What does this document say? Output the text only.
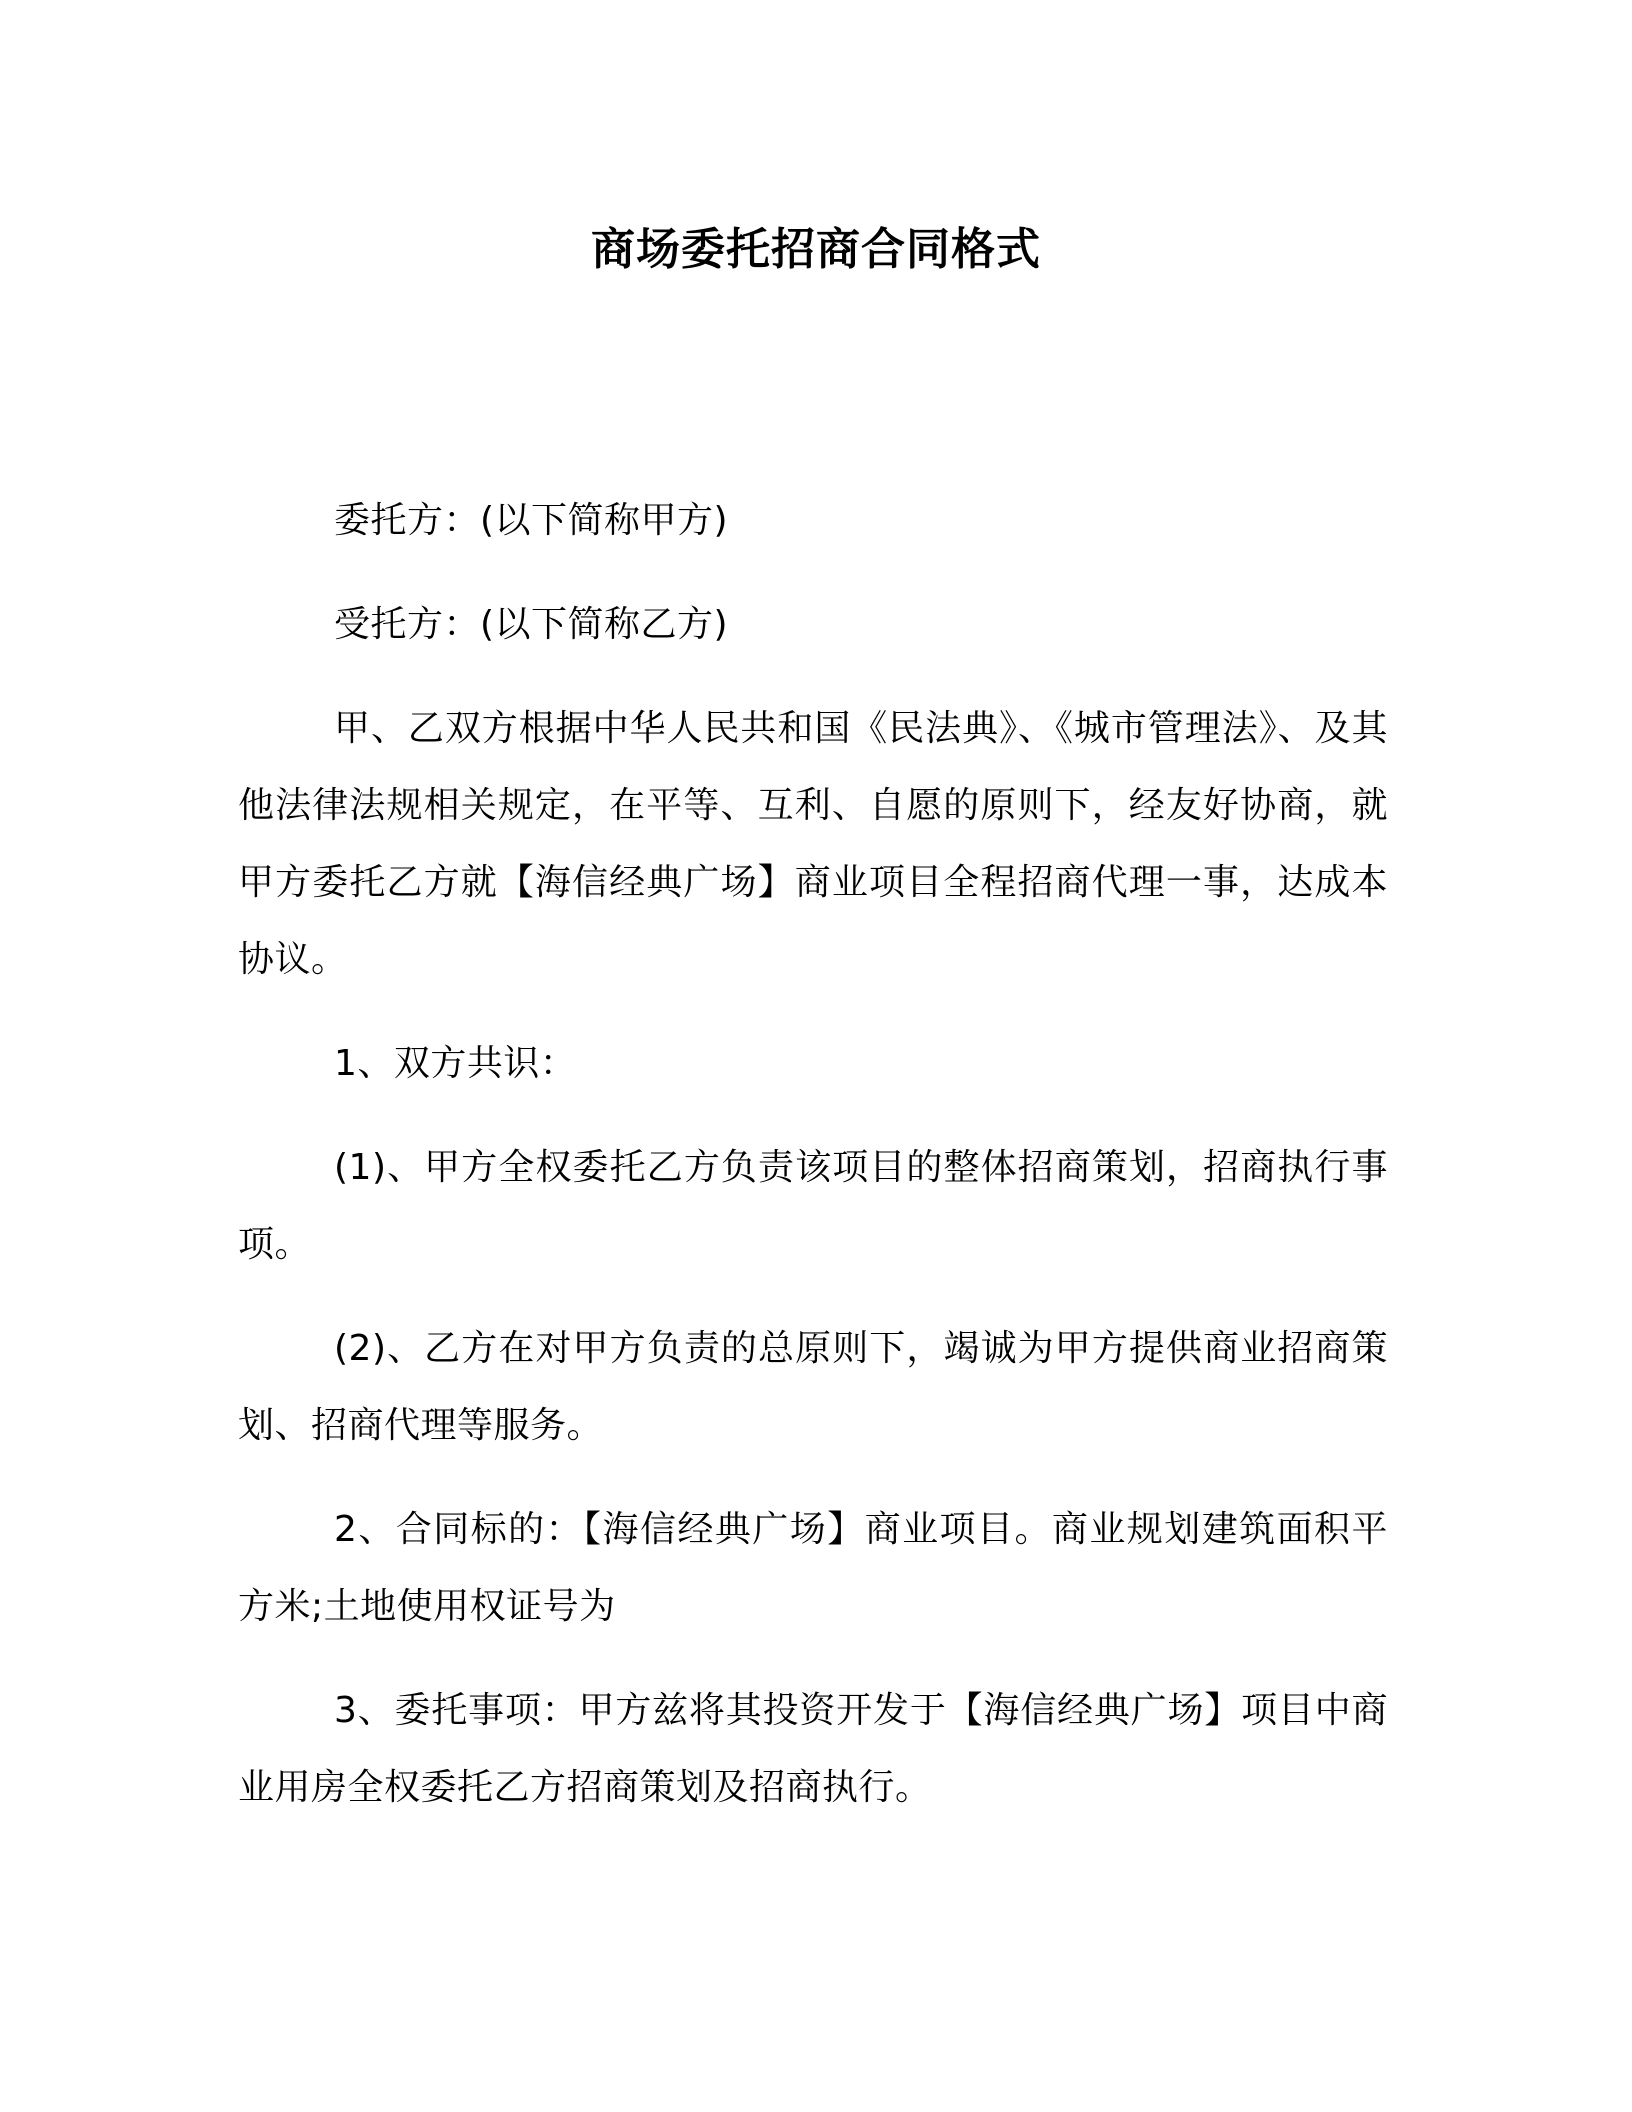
商场委托招商合同格式

委托方：(以下简称甲方)

受托方：(以下简称乙方)

甲、乙双方根据中华人民共和国《民法典》、《城市管理法》、及其他法律法规相关规定，在平等、互利、自愿的原则下，经友好协商，就甲方委托乙方就【海信经典广场】商业项目全程招商代理一事，达成本协议。

1、双方共识：

(1)、甲方全权委托乙方负责该项目的整体招商策划，招商执行事项。

(2)、乙方在对甲方负责的总原则下，竭诚为甲方提供商业招商策划、招商代理等服务。

2、合同标的：【海信经典广场】商业项目。商业规划建筑面积平方米;土地使用权证号为

3、委托事项：甲方兹将其投资开发于【海信经典广场】项目中商业用房全权委托乙方招商策划及招商执行。
